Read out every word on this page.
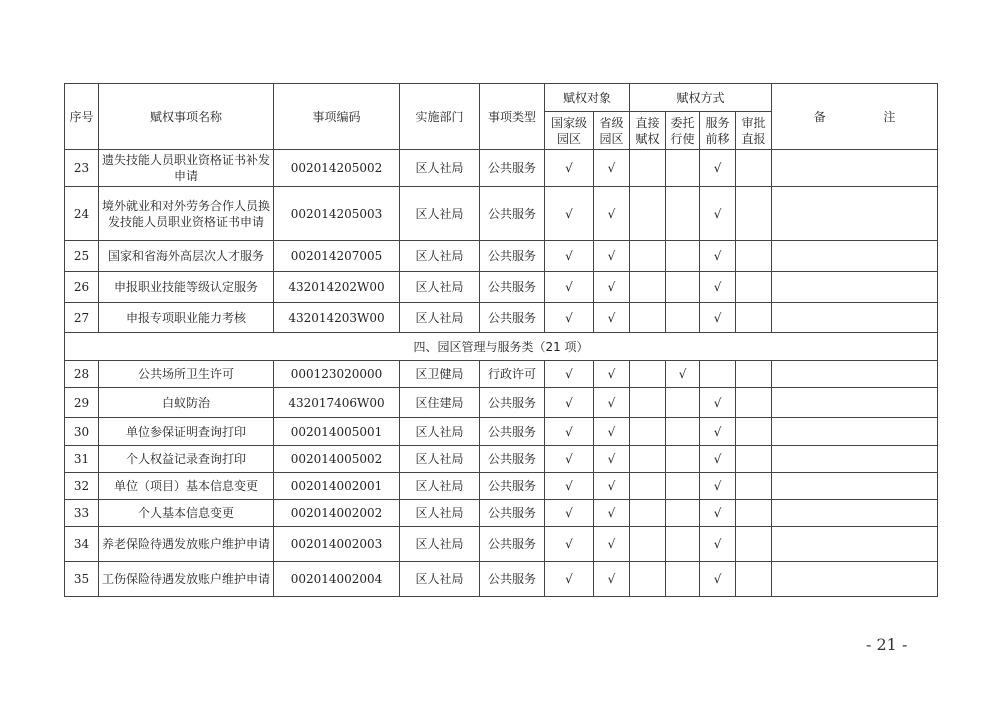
序号	赋权事项名称	事项编码	实施部门	事项类型	赋权对象		赋权方式				备 注
					国家级园区	省级园区	直接赋权	委托行使	服务前移	审批直报	
23	遗失技能人员职业资格证书补发申请	002014205002	区人社局	公共服务	√	√			√		
24	境外就业和对外劳务合作人员换发技能人员职业资格证书申请	002014205003	区人社局	公共服务	√	√			√		
25	国家和省海外高层次人才服务	002014207005	区人社局	公共服务	√	√			√		
26	申报职业技能等级认定服务	432014202W00	区人社局	公共服务	√	√			√		
27	申报专项职业能力考核	432014203W00	区人社局	公共服务	√	√			√		
四、园区管理与服务类（21 项）											
28	公共场所卫生许可	000123020000	区卫健局	行政许可	√	√		√			
29	白蚁防治	432017406W00	区住建局	公共服务	√	√			√		
30	单位参保证明查询打印	002014005001	区人社局	公共服务	√	√			√		
31	个人权益记录查询打印	002014005002	区人社局	公共服务	√	√			√		
32	单位（项目）基本信息变更	002014002001	区人社局	公共服务	√	√			√		
33	个人基本信息变更	002014002002	区人社局	公共服务	√	√			√		
34	养老保险待遇发放账户维护申请	002014002003	区人社局	公共服务	√	√			√		
35	工伤保险待遇发放账户维护申请	002014002004	区人社局	公共服务	√	√			√		
- 21 -
